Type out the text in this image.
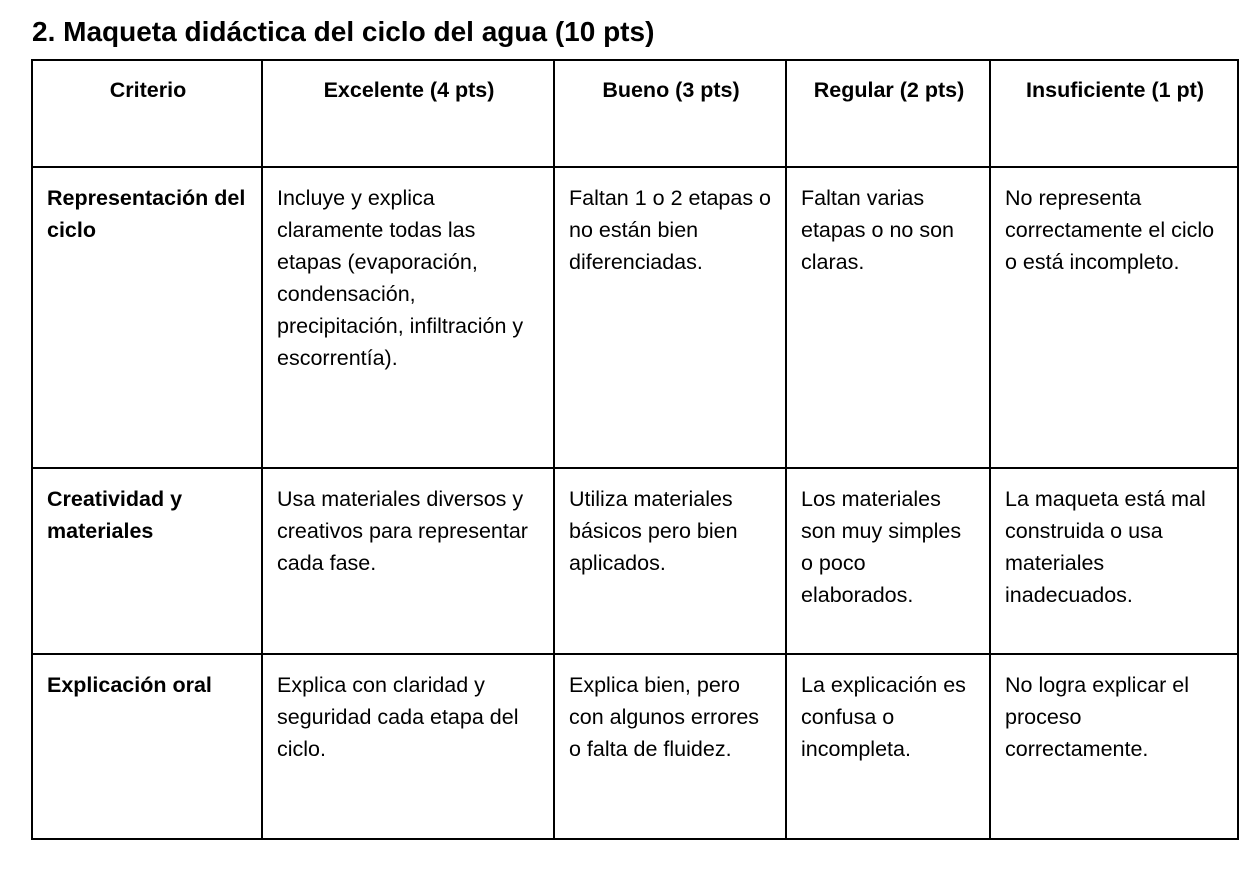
2. Maqueta didáctica del ciclo del agua (10 pts)
Criterio	Excelente (4 pts)	Bueno (3 pts)	Regular (2 pts)	Insuficiente (1 pt)
Representación del ciclo	Incluye y explica claramente todas las etapas (evaporación, condensación, precipitación, infiltración y escorrentía).	Faltan 1 o 2 etapas o no están bien diferenciadas.	Faltan varias etapas o no son claras.	No representa correctamente el ciclo o está incompleto.
Creatividad y materiales	Usa materiales diversos y creativos para representar cada fase.	Utiliza materiales básicos pero bien aplicados.	Los materiales son muy simples o poco elaborados.	La maqueta está mal construida o usa materiales inadecuados.
Explicación oral	Explica con claridad y seguridad cada etapa del ciclo.	Explica bien, pero con algunos errores o falta de fluidez.	La explicación es confusa o incompleta.	No logra explicar el proceso correctamente.
